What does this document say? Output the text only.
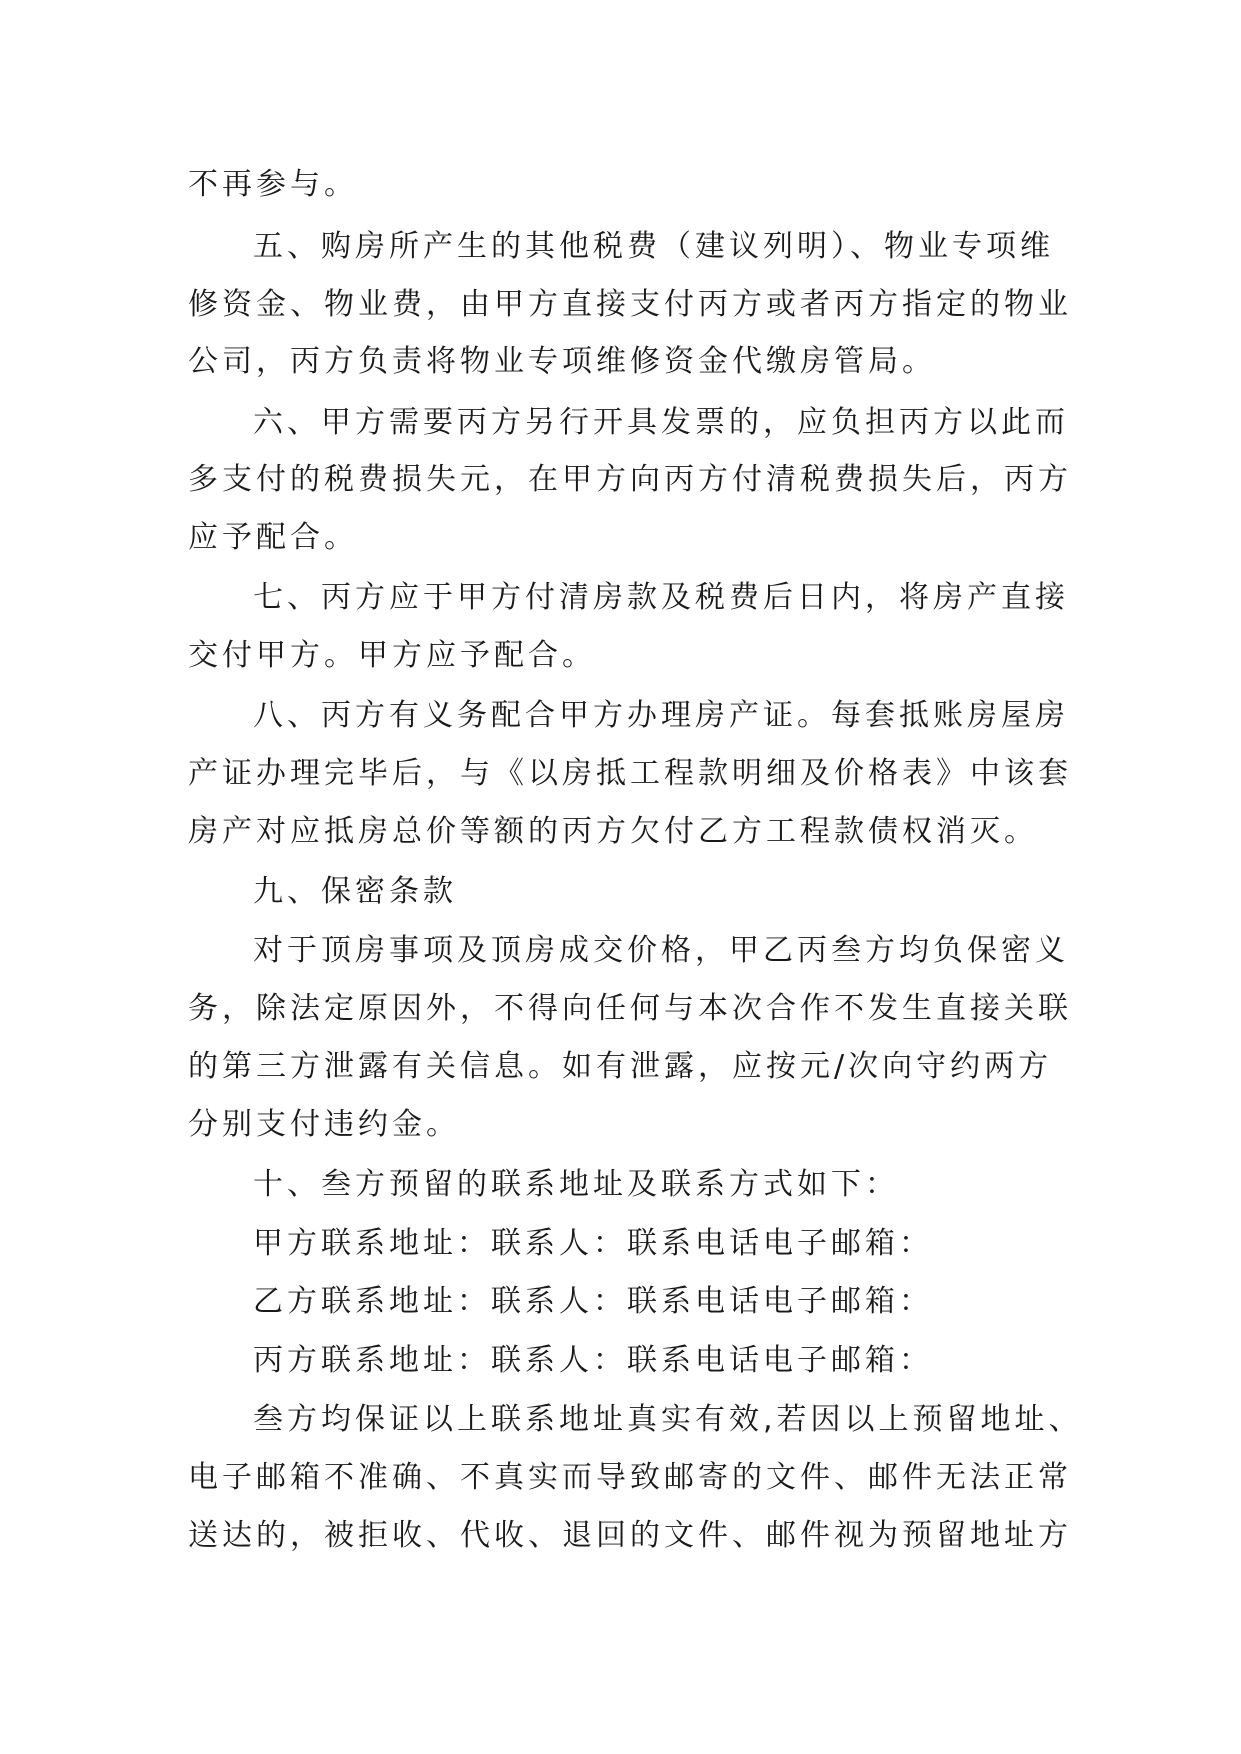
不再参与。
五、购房所产生的其他税费（建议列明）、物业专项维
修资金、物业费，由甲方直接支付丙方或者丙方指定的物业
公司，丙方负责将物业专项维修资金代缴房管局。
六、甲方需要丙方另行开具发票的，应负担丙方以此而
多支付的税费损失元，在甲方向丙方付清税费损失后，丙方
应予配合。
七、丙方应于甲方付清房款及税费后日内，将房产直接
交付甲方。甲方应予配合。
八、丙方有义务配合甲方办理房产证。每套抵账房屋房
产证办理完毕后，与《以房抵工程款明细及价格表》中该套
房产对应抵房总价等额的丙方欠付乙方工程款债权消灭。
九、保密条款
对于顶房事项及顶房成交价格，甲乙丙叁方均负保密义
务，除法定原因外，不得向任何与本次合作不发生直接关联
的第三方泄露有关信息。如有泄露，应按元/次向守约两方
分别支付违约金。
十、叁方预留的联系地址及联系方式如下：
甲方联系地址：联系人：联系电话电子邮箱：
乙方联系地址：联系人：联系电话电子邮箱：
丙方联系地址：联系人：联系电话电子邮箱：
叁方均保证以上联系地址真实有效,若因以上预留地址、
电子邮箱不准确、不真实而导致邮寄的文件、邮件无法正常
送达的，被拒收、代收、退回的文件、邮件视为预留地址方
